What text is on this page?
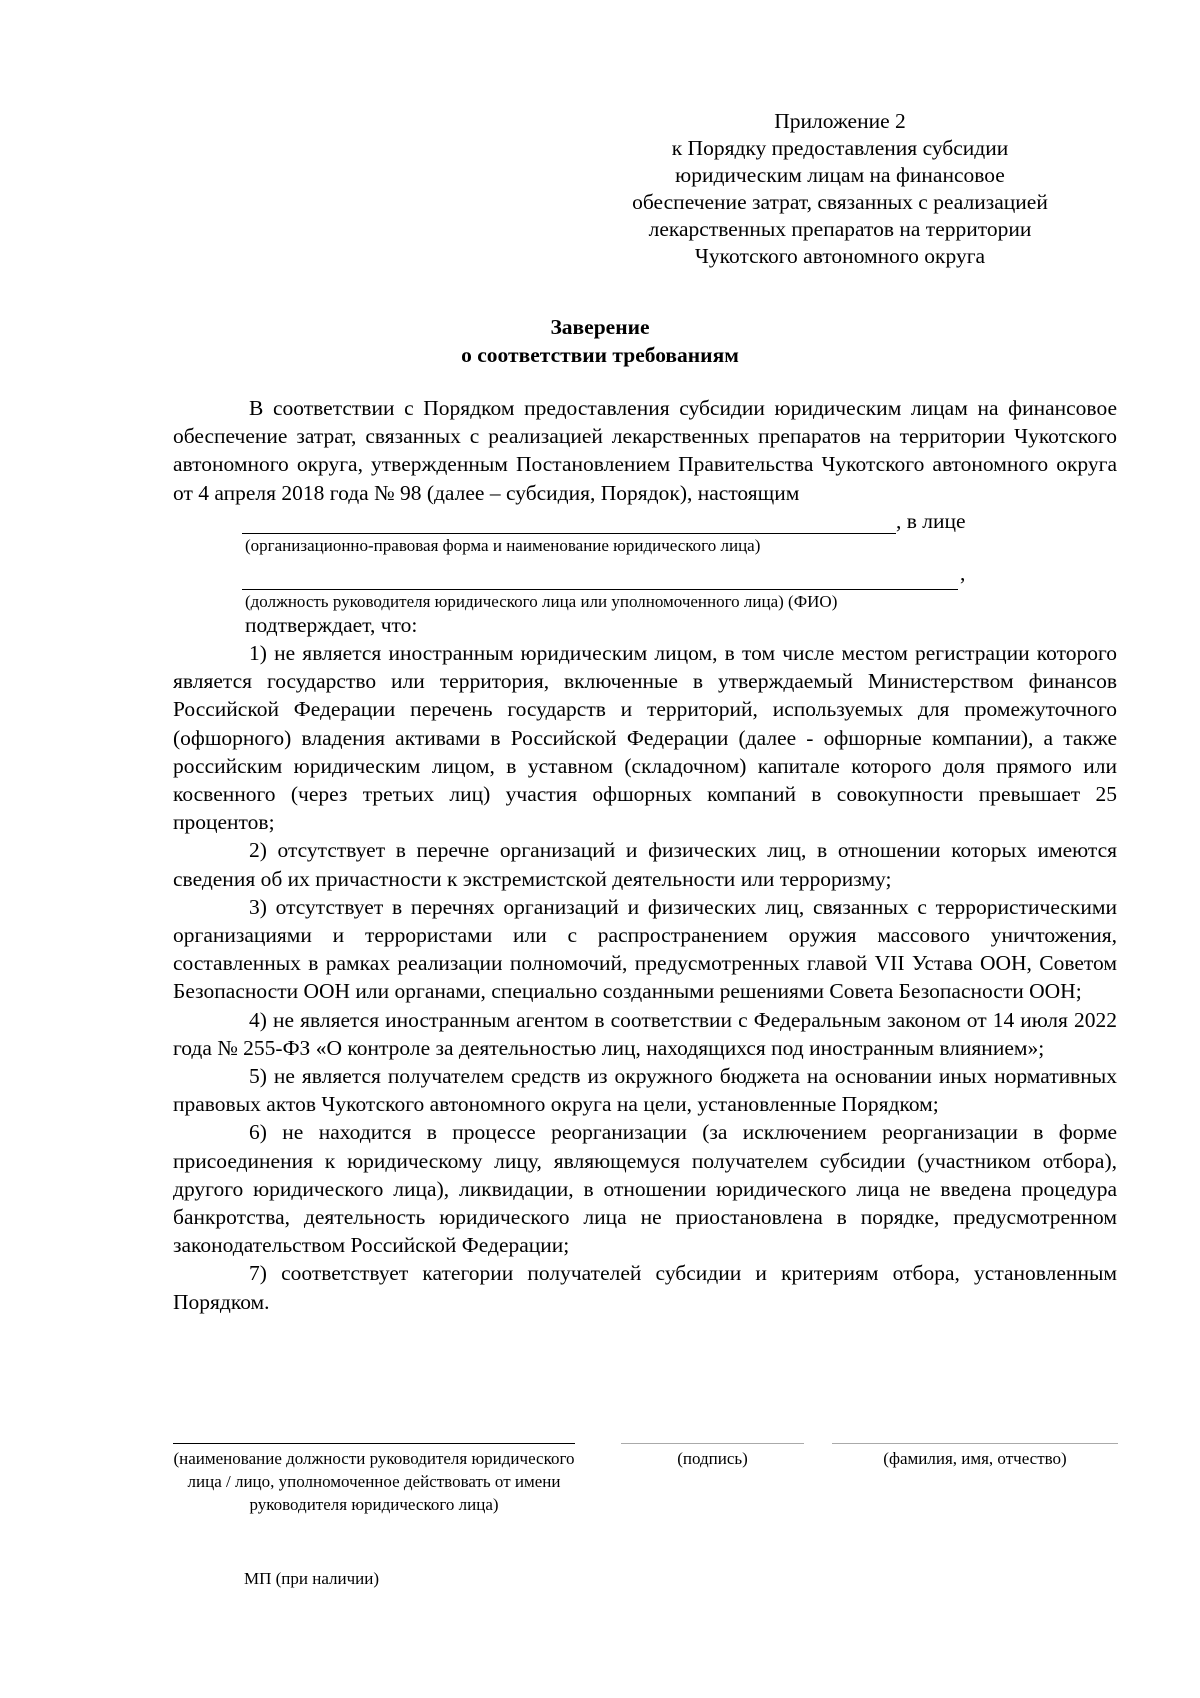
Приложение 2
к Порядку предоставления субсидии
юридическим лицам на финансовое
обеспечение затрат, связанных с реализацией
лекарственных препаратов на территории
Чукотского автономного округа
Заверение
о соответствии требованиям

В соответствии с Порядком предоставления субсидии юридическим лицам на финансовое обеспечение затрат, связанных с реализацией лекарственных препаратов на территории Чукотского автономного округа, утвержденным Постановлением Правительства Чукотского автономного округа от 4 апреля 2018 года № 98 (далее – субсидия, Порядок), настоящим

, в лице
(организационно-правовая форма и наименование юридического лица)
,
(должность руководителя юридического лица или уполномоченного лица) (ФИО)
подтверждает, что:

1) не является иностранным юридическим лицом, в том числе местом регистрации которого является государство или территория, включенные в утверждаемый Министерством финансов Российской Федерации перечень государств и территорий, используемых для промежуточного (офшорного) владения активами в Российской Федерации (далее - офшорные компании), а также российским юридическим лицом, в уставном (складочном) капитале которого доля прямого или косвенного (через третьих лиц) участия офшорных компаний в совокупности превышает 25 процентов;

2) отсутствует в перечне организаций и физических лиц, в отношении которых имеются сведения об их причастности к экстремистской деятельности или терроризму;

3) отсутствует в перечнях организаций и физических лиц, связанных с террористическими организациями и террористами или с распространением оружия массового уничтожения, составленных в рамках реализации полномочий, предусмотренных главой VII Устава ООН, Советом Безопасности ООН или органами, специально созданными решениями Совета Безопасности ООН;

4) не является иностранным агентом в соответствии с Федеральным законом от 14 июля 2022 года № 255-ФЗ «О контроле за деятельностью лиц, находящихся под иностранным влиянием»;

5) не является получателем средств из окружного бюджета на основании иных нормативных правовых актов Чукотского автономного округа на цели, установленные Порядком;

6) не находится в процессе реорганизации (за исключением реорганизации в форме присоединения к юридическому лицу, являющемуся получателем субсидии (участником отбора), другого юридического лица), ликвидации, в отношении юридического лица не введена процедура банкротства, деятельность юридического лица не приостановлена в порядке, предусмотренном законодательством Российской Федерации;

7) соответствует категории получателей субсидии и критериям отбора, установленным Порядком.

(наименование должности руководителя юридического лица / лицо, уполномоченное действовать от имени руководителя юридического лица)
(подпись)	(фамилия, имя, отчество)
МП (при наличии)
